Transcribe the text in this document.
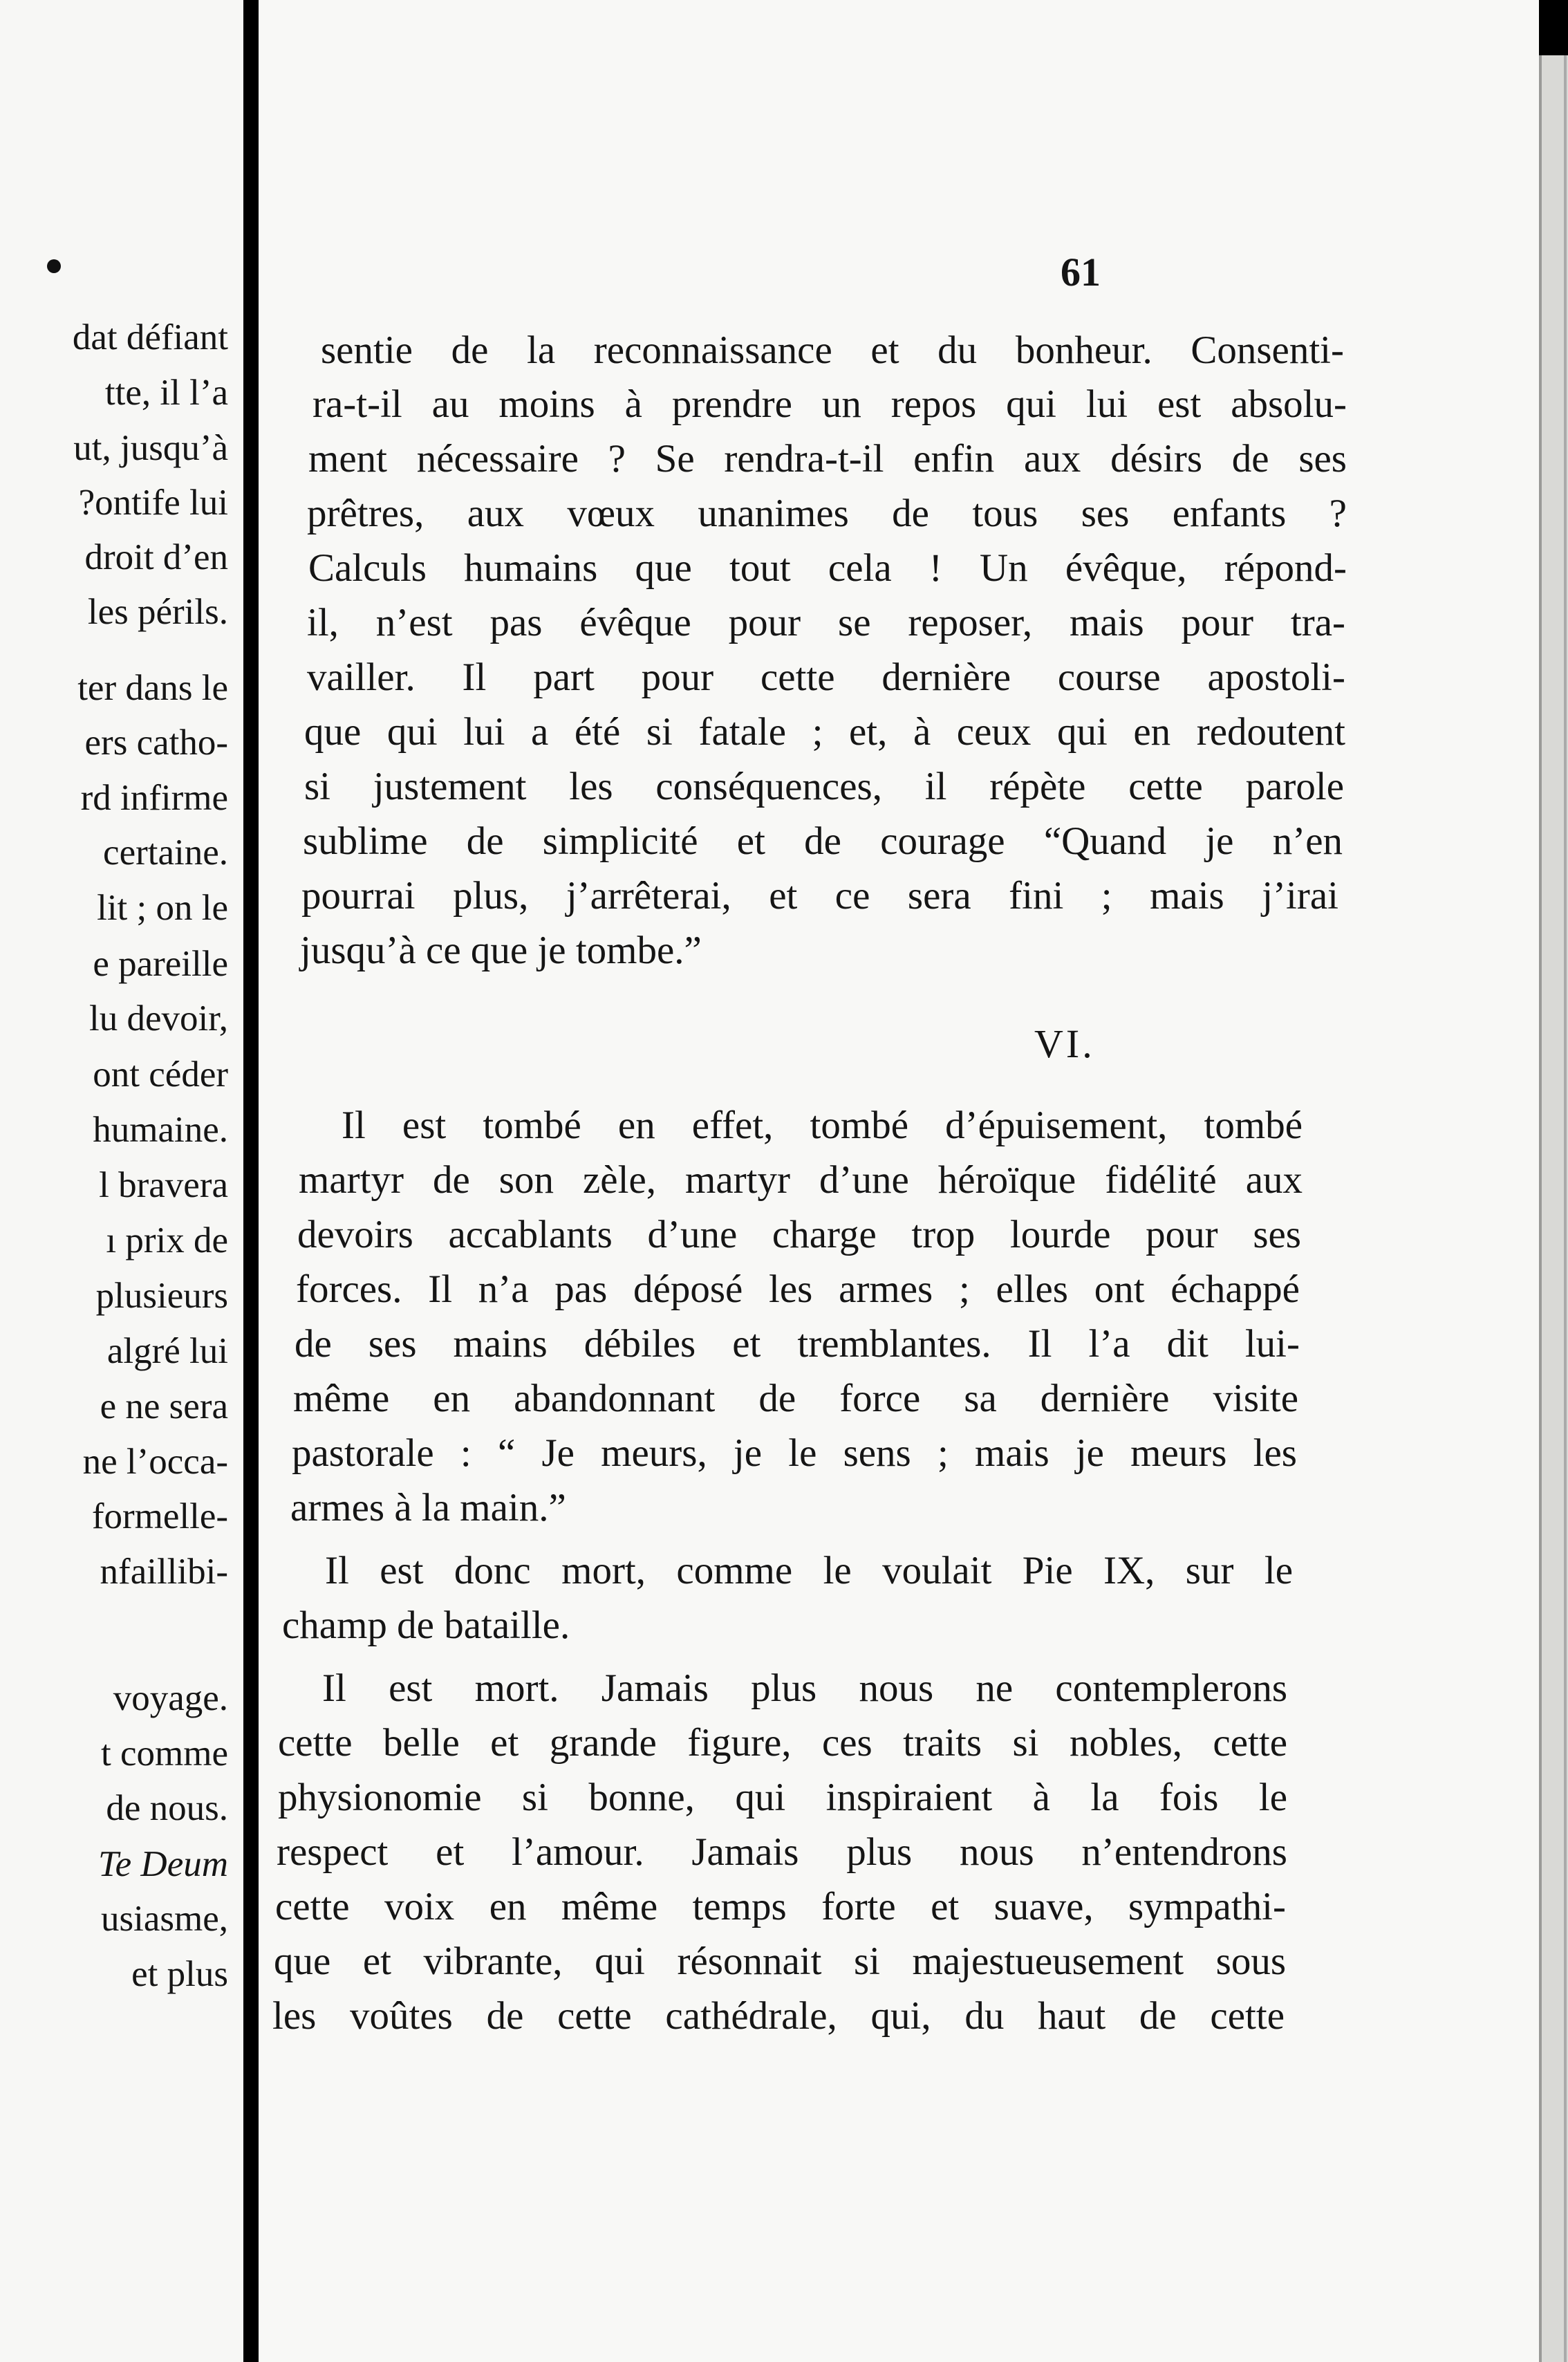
dat défiant
tte, il l’a
ut, jusqu’à
?ontife lui
droit d’en
les périls.
ter dans le
ers catho-
rd infirme
certaine.
lit ; on le
e pareille
lu devoir,
ont céder
humaine.
l bravera
ı prix de
plusieurs
algré lui
e ne sera
ne l’occa-
formelle-
nfaillibi-
voyage.
t comme
de nous.
Te Deum
usiasme,
et plus
61
sentie de la reconnaissance et du bonheur. Consenti-
ra-t-il au moins à prendre un repos qui lui est absolu-
ment nécessaire ? Se rendra-t-il enfin aux désirs de ses
prêtres, aux vœux unanimes de tous ses enfants ?
Calculs humains que tout cela ! Un évêque, répond-
il, n’est pas évêque pour se reposer, mais pour tra-
vailler. Il part pour cette dernière course apostoli-
que qui lui a été si fatale ; et, à ceux qui en redoutent
si justement les conséquences, il répète cette parole
sublime de simplicité et de courage “Quand je n’en
pourrai plus, j’arrêterai, et ce sera fini ; mais j’irai
jusqu’à ce que je tombe.”
VI.
Il est tombé en effet, tombé d’épuisement, tombé
martyr de son zèle, martyr d’une héroïque fidélité aux
devoirs accablants d’une charge trop lourde pour ses
forces. Il n’a pas déposé les armes ; elles ont échappé
de ses mains débiles et tremblantes. Il l’a dit lui-
même en abandonnant de force sa dernière visite
pastorale : “ Je meurs, je le sens ; mais je meurs les
armes à la main.”
Il est donc mort, comme le voulait Pie IX, sur le
champ de bataille.
Il est mort. Jamais plus nous ne contemplerons
cette belle et grande figure, ces traits si nobles, cette
physionomie si bonne, qui inspiraient à la fois le
respect et l’amour. Jamais plus nous n’entendrons
cette voix en même temps forte et suave, sympathi-
que et vibrante, qui résonnait si majestueusement sous
les voûtes de cette cathédrale, qui, du haut de cette
